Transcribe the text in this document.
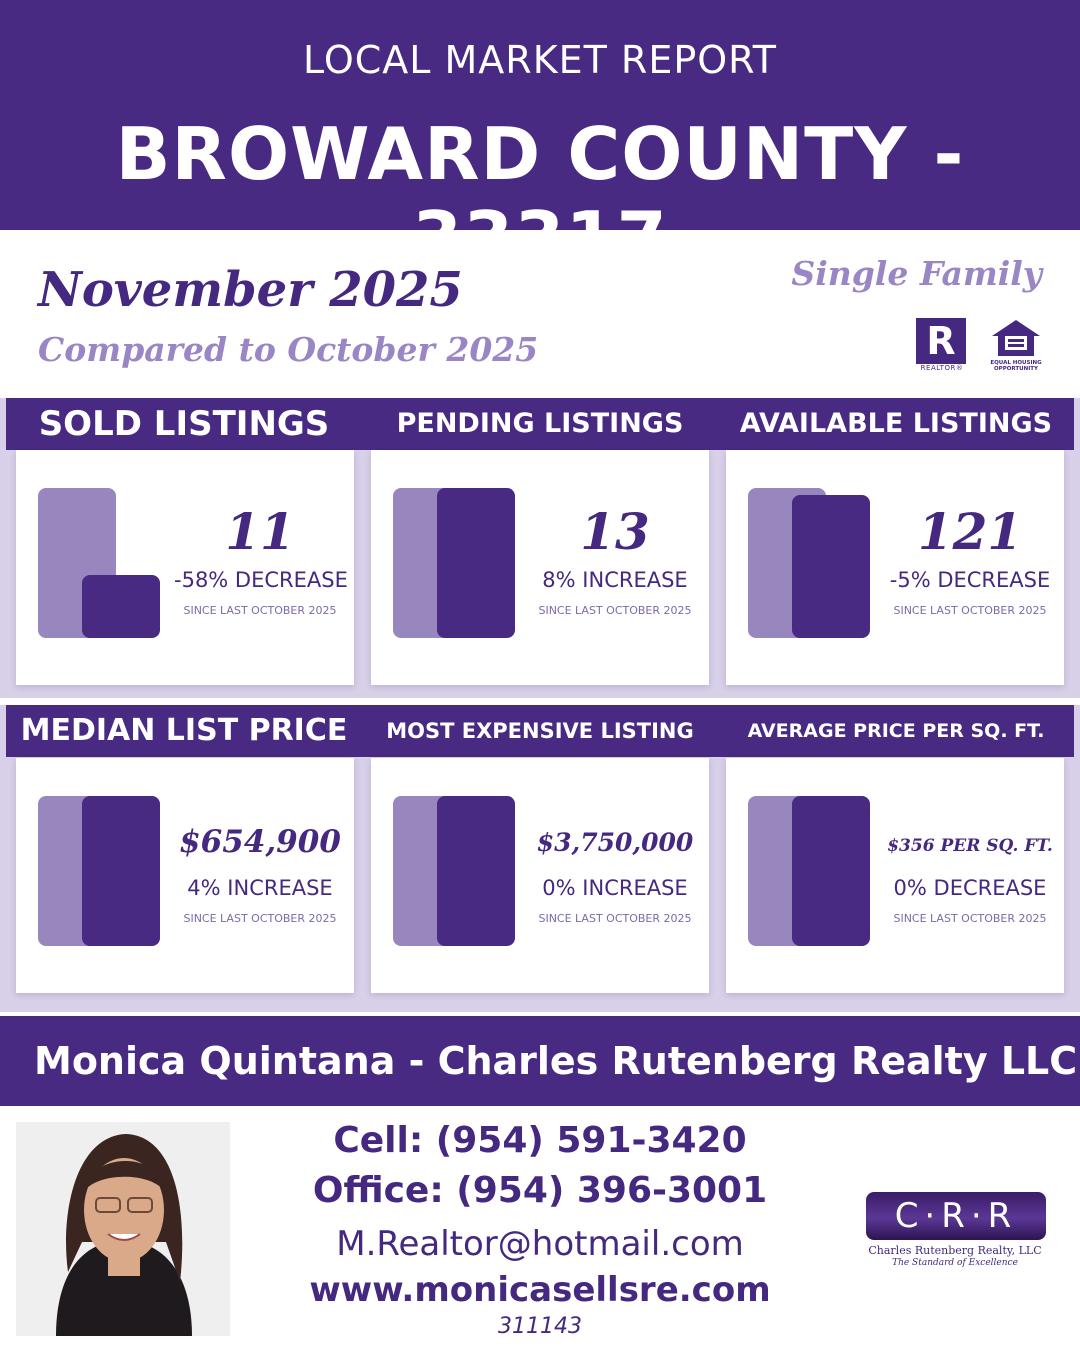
LOCAL MARKET REPORT
BROWARD COUNTY - 33317
November 2025
Compared to October 2025
Single Family
R
REALTOR®
EQUAL HOUSING OPPORTUNITY
SOLD LISTINGS	PENDING LISTINGS	AVAILABLE LISTINGS
11
-58% DECREASE
SINCE LAST OCTOBER 2025
13
8% INCREASE
SINCE LAST OCTOBER 2025
121
-5% DECREASE
SINCE LAST OCTOBER 2025
MEDIAN LIST PRICE	MOST EXPENSIVE LISTING	AVERAGE PRICE PER SQ. FT.
$654,900
4% INCREASE
SINCE LAST OCTOBER 2025
$3,750,000
0% INCREASE
SINCE LAST OCTOBER 2025
$356 PER SQ. FT.
0% DECREASE
SINCE LAST OCTOBER 2025
Monica Quintana - Charles Rutenberg Realty LLC
Cell: (954) 591-3420
Office: (954) 396-3001
M.Realtor@hotmail.com
www.monicasellsre.com
311143
C·R·R
Charles Rutenberg Realty, LLC
The Standard of Excellence
